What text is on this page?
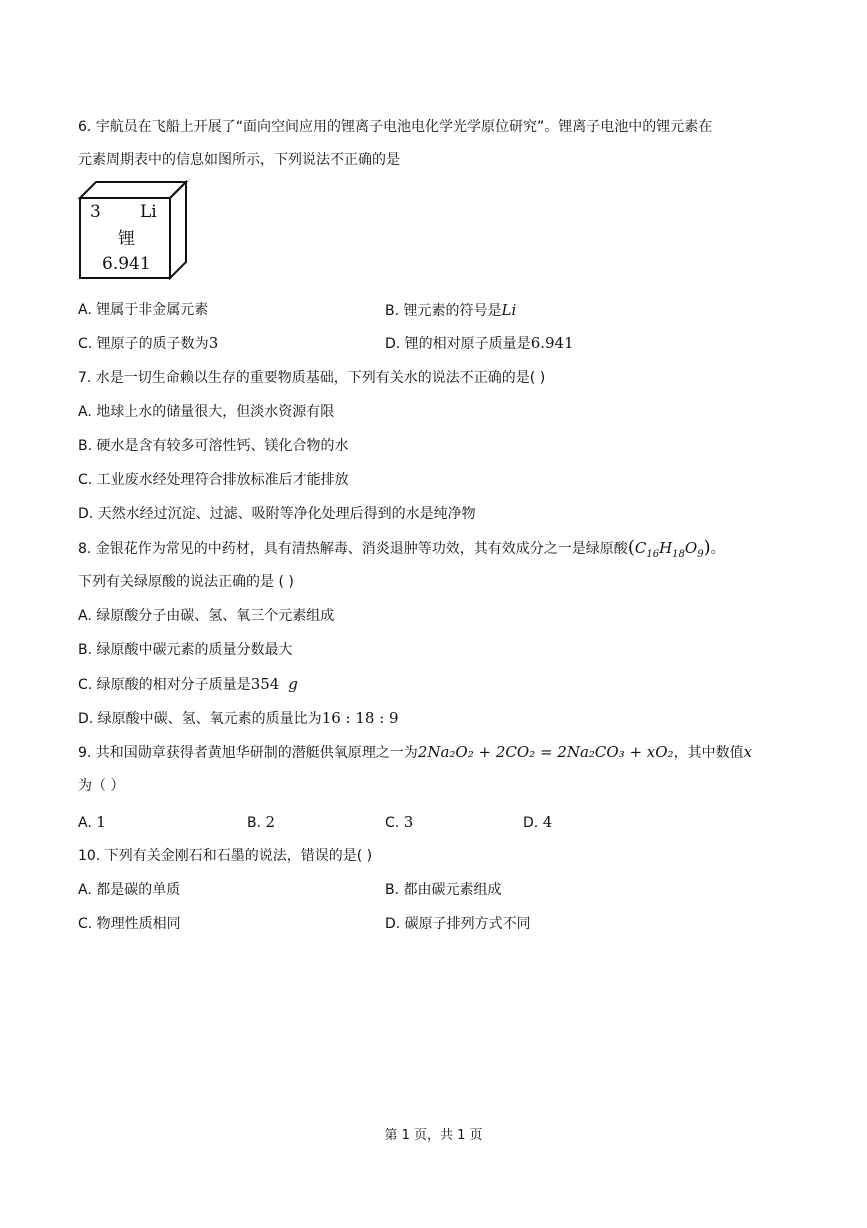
6. 宇航员在飞船上开展了“面向空间应用的锂离子电池电化学光学原位研究”。锂离子电池中的锂元素在
元素周期表中的信息如图所示，下列说法不正确的是
3 Li
锂
6.941
A. 锂属于非金属元素	B. 锂元素的符号是Li
C. 锂原子的质子数为3	D. 锂的相对原子质量是6.941
7. 水是一切生命赖以生存的重要物质基础，下列有关水的说法不正确的是( )
A. 地球上水的储量很大，但淡水资源有限
B. 硬水是含有较多可溶性钙、镁化合物的水
C. 工业废水经处理符合排放标准后才能排放
D. 天然水经过沉淀、过滤、吸附等净化处理后得到的水是纯净物
8. 金银花作为常见的中药材，具有清热解毒、消炎退肿等功效，其有效成分之一是绿原酸$(C_{16}H_{18}O_9)$。
下列有关绿原酸的说法正确的是 ( )
A. 绿原酸分子由碳、氢、氧三个元素组成
B. 绿原酸中碳元素的质量分数最大
C. 绿原酸的相对分子质量是354 g
D. 绿原酸中碳、氢、氧元素的质量比为16 : 18 : 9
9. 共和国勋章获得者黄旭华研制的潜艇供氧原理之一为2Na₂O₂ + 2CO₂ = 2Na₂CO₃ + xO₂，其中数值x
为（ ）
A. 1	B. 2	C. 3	D. 4
10. 下列有关金刚石和石墨的说法，错误的是( )
A. 都是碳的单质	B. 都由碳元素组成
C. 物理性质相同	D. 碳原子排列方式不同
第 1 页，共 1 页
